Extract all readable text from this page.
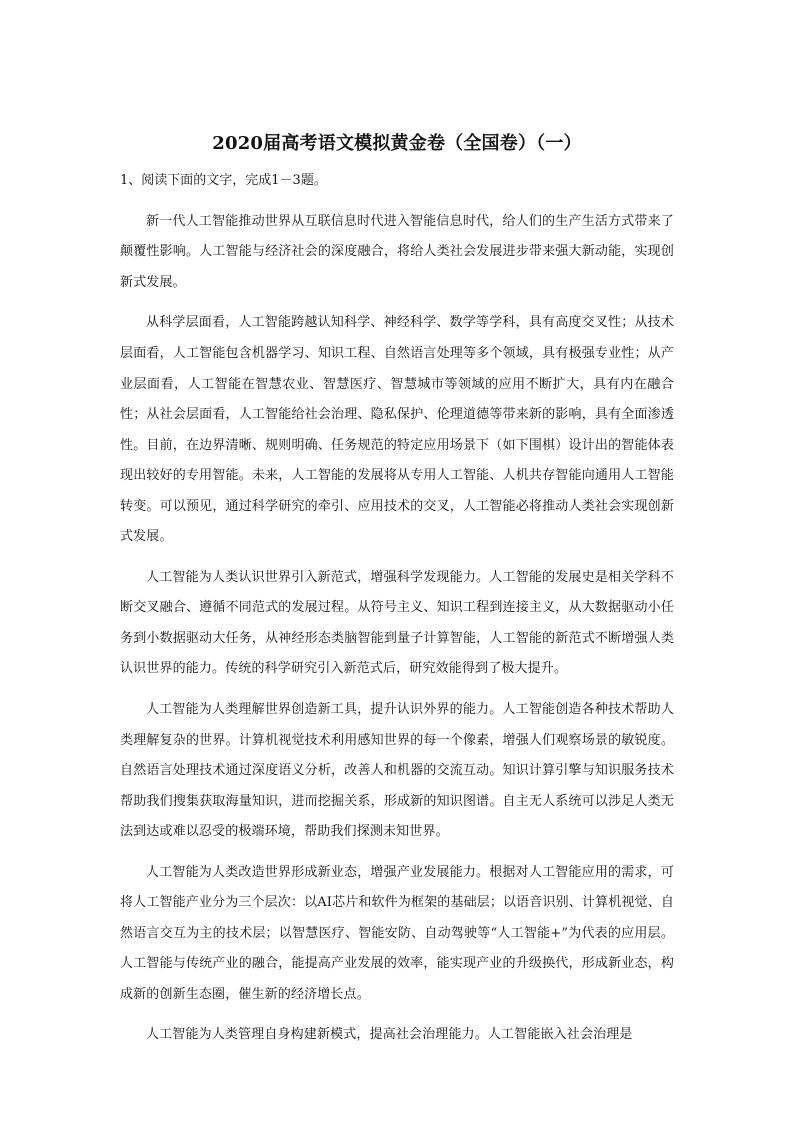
2020届高考语文模拟黄金卷（全国卷）（一）

1、阅读下面的文字，完成1－3题。

新一代人工智能推动世界从互联信息时代进入智能信息时代，给人们的生产生活方式带来了颠覆性影响。人工智能与经济社会的深度融合，将给人类社会发展进步带来强大新动能，实现创新式发展。

从科学层面看，人工智能跨越认知科学、神经科学、数学等学科，具有高度交叉性；从技术层面看，人工智能包含机器学习、知识工程、自然语言处理等多个领域，具有极强专业性；从产业层面看，人工智能在智慧农业、智慧医疗、智慧城市等领域的应用不断扩大，具有内在融合性；从社会层面看，人工智能给社会治理、隐私保护、伦理道德等带来新的影响，具有全面渗透性。目前，在边界清晰、规则明确、任务规范的特定应用场景下（如下围棋）设计出的智能体表现出较好的专用智能。未来，人工智能的发展将从专用人工智能、人机共存智能向通用人工智能转变。可以预见，通过科学研究的牵引、应用技术的交叉，人工智能必将推动人类社会实现创新式发展。

人工智能为人类认识世界引入新范式，增强科学发现能力。人工智能的发展史是相关学科不断交叉融合、遵循不同范式的发展过程。从符号主义、知识工程到连接主义，从大数据驱动小任务到小数据驱动大任务，从神经形态类脑智能到量子计算智能，人工智能的新范式不断增强人类认识世界的能力。传统的科学研究引入新范式后，研究效能得到了极大提升。

人工智能为人类理解世界创造新工具，提升认识外界的能力。人工智能创造各种技术帮助人类理解复杂的世界。计算机视觉技术利用感知世界的每一个像素，增强人们观察场景的敏锐度。自然语言处理技术通过深度语义分析，改善人和机器的交流互动。知识计算引擎与知识服务技术帮助我们搜集获取海量知识，进而挖掘关系，形成新的知识图谱。自主无人系统可以涉足人类无法到达或难以忍受的极端环境，帮助我们探测未知世界。

人工智能为人类改造世界形成新业态，增强产业发展能力。根据对人工智能应用的需求，可将人工智能产业分为三个层次：以AI芯片和软件为框架的基础层；以语音识别、计算机视觉、自然语言交互为主的技术层；以智慧医疗、智能安防、自动驾驶等“人工智能+”为代表的应用层。人工智能与传统产业的融合，能提高产业发展的效率，能实现产业的升级换代，形成新业态，构成新的创新生态圈，催生新的经济增长点。

人工智能为人类管理自身构建新模式，提高社会治理能力。人工智能嵌入社会治理是
